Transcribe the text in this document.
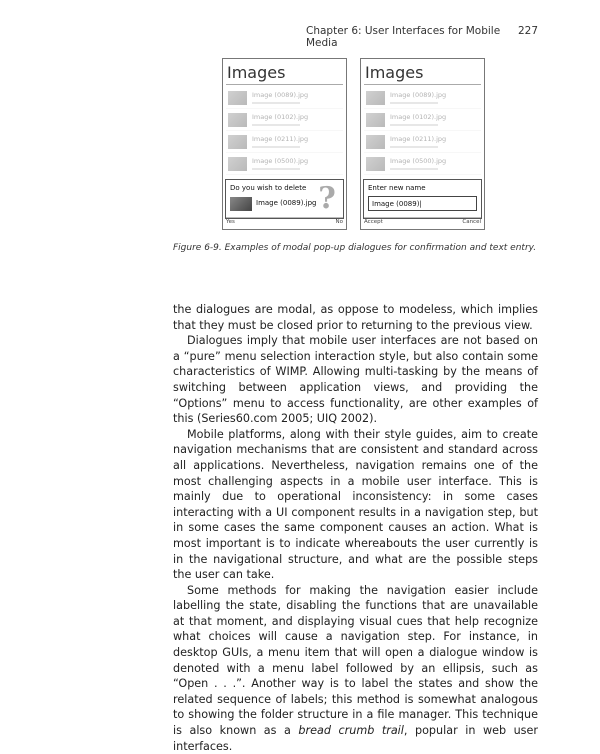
Chapter 6: User Interfaces for Mobile Media
227
Images
Image (0089).jpg
Image (0102).jpg
Image (0211).jpg
Image (0500).jpg
Do you wish to delete
Image (0089).jpg ?
Yes	No
Images
Image (0089).jpg
Image (0102).jpg
Image (0211).jpg
Image (0500).jpg
Enter new name
Image (0089)|
Accept	Cancel
Figure 6-9. Examples of modal pop-up dialogues for confirmation and text entry.

the dialogues are modal, as oppose to modeless, which implies that they must be closed prior to returning to the previous view.

Dialogues imply that mobile user interfaces are not based on a “pure” menu selection interaction style, but also contain some characteristics of WIMP. Allowing multi-tasking by the means of switching between application views, and providing the “Options” menu to access functionality, are other examples of this (Series60.com 2005; UIQ 2002).

Mobile platforms, along with their style guides, aim to create navigation mechanisms that are consistent and standard across all applications. Nevertheless, navigation remains one of the most challenging aspects in a mobile user interface. This is mainly due to operational inconsistency: in some cases interacting with a UI component results in a navigation step, but in some cases the same component causes an action. What is most important is to indicate whereabouts the user currently is in the navigational structure, and what are the possible steps the user can take.

Some methods for making the navigation easier include labelling the state, disabling the functions that are unavailable at that moment, and displaying visual cues that help recognize what choices will cause a navigation step. For instance, in desktop GUIs, a menu item that will open a dialogue window is denoted with a menu label followed by an ellipsis, such as “Open . . .”. Another way is to label the states and show the related sequence of labels; this method is somewhat analogous to showing the folder structure in a file manager. This technique is also known as a bread crumb trail, popular in web user interfaces.
